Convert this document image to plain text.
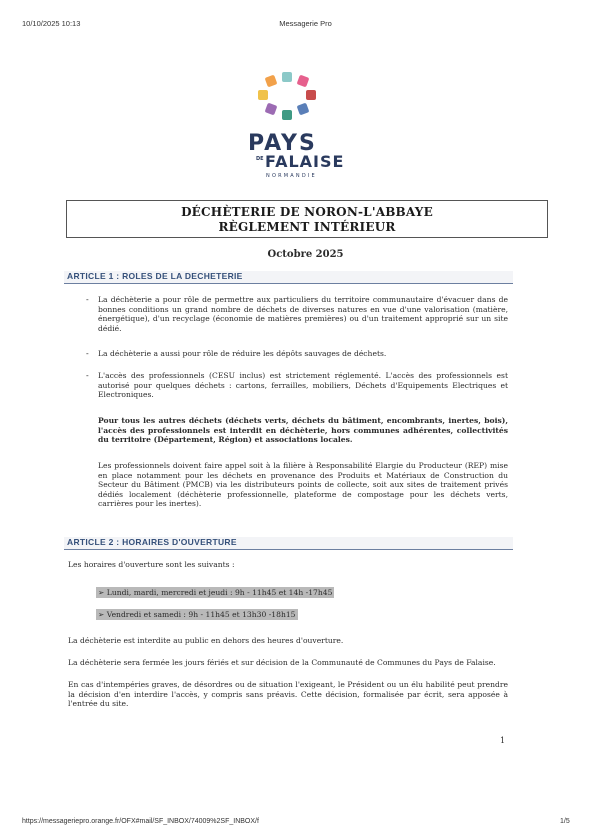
10/10/2025 10:13	Messagerie Pro
PAYS
DE FALAISE
NORMANDIE
DÉCHÈTERIE DE NORON-L'ABBAYE
RÈGLEMENT INTÉRIEUR
Octobre 2025
ARTICLE 1 : ROLES DE LA DECHETERIE
- La déchèterie a pour rôle de permettre aux particuliers du territoire communautaire d'évacuer dans de bonnes conditions un grand nombre de déchets de diverses natures en vue d'une valorisation (matière, énergétique), d'un recyclage (économie de matières premières) ou d'un traitement approprié sur un site dédié.
- La déchèterie a aussi pour rôle de réduire les dépôts sauvages de déchets.
- L'accès des professionnels (CESU inclus) est strictement réglementé. L'accès des professionnels est autorisé pour quelques déchets : cartons, ferrailles, mobiliers, Déchets d'Equipements Electriques et Electroniques.
Pour tous les autres déchets (déchets verts, déchets du bâtiment, encombrants, inertes, bois), l'accès des professionnels est interdit en déchèterie, hors communes adhérentes, collectivités du territoire (Département, Région) et associations locales.
Les professionnels doivent faire appel soit à la filière à Responsabilité Elargie du Producteur (REP) mise en place notamment pour les déchets en provenance des Produits et Matériaux de Construction du Secteur du Bâtiment (PMCB) via les distributeurs points de collecte, soit aux sites de traitement privés dédiés localement (déchèterie professionnelle, plateforme de compostage pour les déchets verts, carrières pour les inertes).
ARTICLE 2 : HORAIRES D'OUVERTURE
Les horaires d'ouverture sont les suivants :
➢ Lundi, mardi, mercredi et jeudi : 9h - 11h45 et 14h -17h45
➢ Vendredi et samedi : 9h - 11h45 et 13h30 -18h15
La déchèterie est interdite au public en dehors des heures d'ouverture.
La déchèterie sera fermée les jours fériés et sur décision de la Communauté de Communes du Pays de Falaise.
En cas d'intempéries graves, de désordres ou de situation l'exigeant, le Président ou un élu habilité peut prendre la décision d'en interdire l'accès, y compris sans préavis. Cette décision, formalisée par écrit, sera apposée à l'entrée du site.
1
https://messageriepro.orange.fr/OFX#mail/SF_INBOX/74009%2SF_INBOX/f	1/5
